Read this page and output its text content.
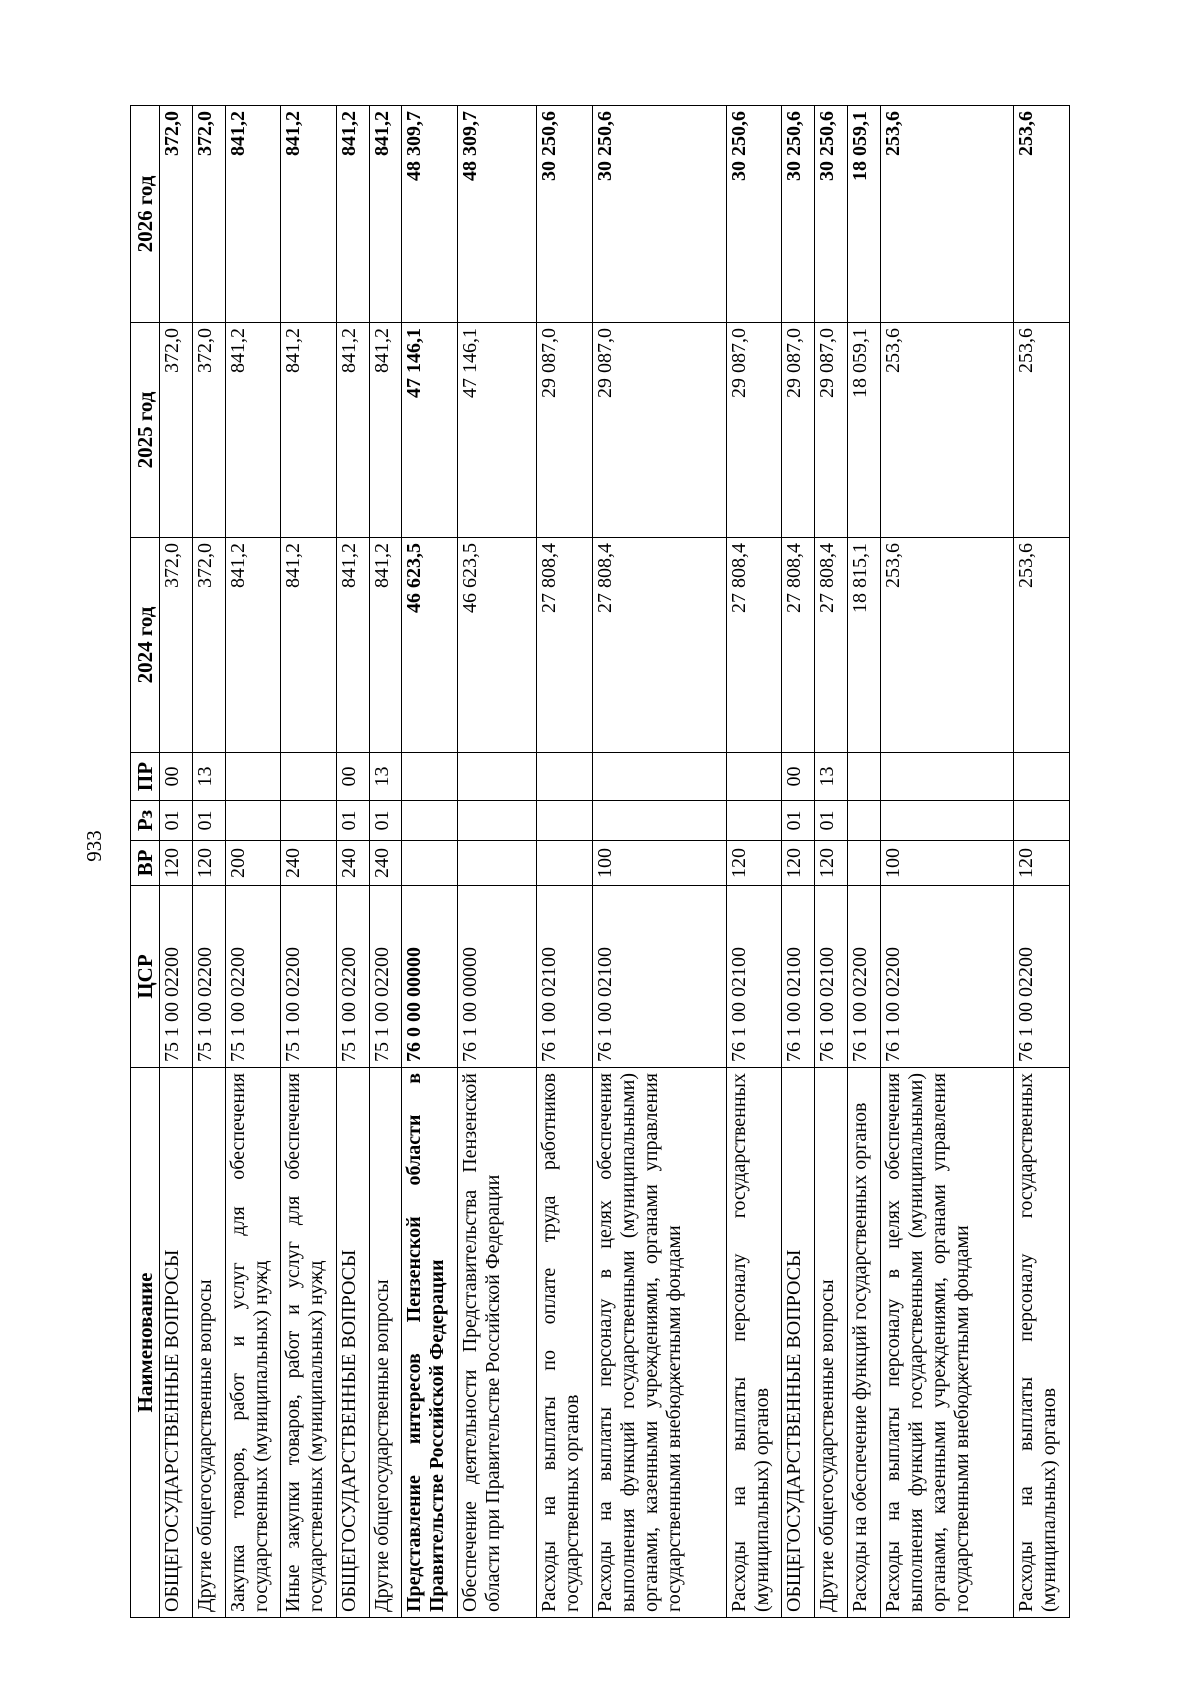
933
Наименование	ЦСР	ВР	Рз	ПР	2024 год	2025 год	2026 год
ОБЩЕГОСУДАРСТВЕННЫЕ ВОПРОСЫ	75 1 00 02200	120	01	00	372,0	372,0	372,0
Другие общегосударственные вопросы	75 1 00 02200	120	01	13	372,0	372,0	372,0
Закупка товаров, работ и услуг для обеспечения государственных (муниципальных) нужд	75 1 00 02200	200			841,2	841,2	841,2
Иные закупки товаров, работ и услуг для обеспечения государственных (муниципальных) нужд	75 1 00 02200	240			841,2	841,2	841,2
ОБЩЕГОСУДАРСТВЕННЫЕ ВОПРОСЫ	75 1 00 02200	240	01	00	841,2	841,2	841,2
Другие общегосударственные вопросы	75 1 00 02200	240	01	13	841,2	841,2	841,2
Представление интересов Пензенской области в Правительстве Российской Федерации	76 0 00 00000				46 623,5	47 146,1	48 309,7
Обеспечение деятельности Представительства Пензенской области при Правительстве Российской Федерации	76 1 00 00000				46 623,5	47 146,1	48 309,7
Расходы на выплаты по оплате труда работников государственных органов	76 1 00 02100				27 808,4	29 087,0	30 250,6
Расходы на выплаты персоналу в целях обеспечения выполнения функций государственными (муниципальными) органами, казенными учреждениями, органами управления государственными внебюджетными фондами	76 1 00 02100	100			27 808,4	29 087,0	30 250,6
Расходы на выплаты персоналу государственных (муниципальных) органов	76 1 00 02100	120			27 808,4	29 087,0	30 250,6
ОБЩЕГОСУДАРСТВЕННЫЕ ВОПРОСЫ	76 1 00 02100	120	01	00	27 808,4	29 087,0	30 250,6
Другие общегосударственные вопросы	76 1 00 02100	120	01	13	27 808,4	29 087,0	30 250,6
Расходы на обеспечение функций государственных органов	76 1 00 02200				18 815,1	18 059,1	18 059,1
Расходы на выплаты персоналу в целях обеспечения выполнения функций государственными (муниципальными) органами, казенными учреждениями, органами управления государственными внебюджетными фондами	76 1 00 02200	100			253,6	253,6	253,6
Расходы на выплаты персоналу государственных (муниципальных) органов	76 1 00 02200	120			253,6	253,6	253,6
